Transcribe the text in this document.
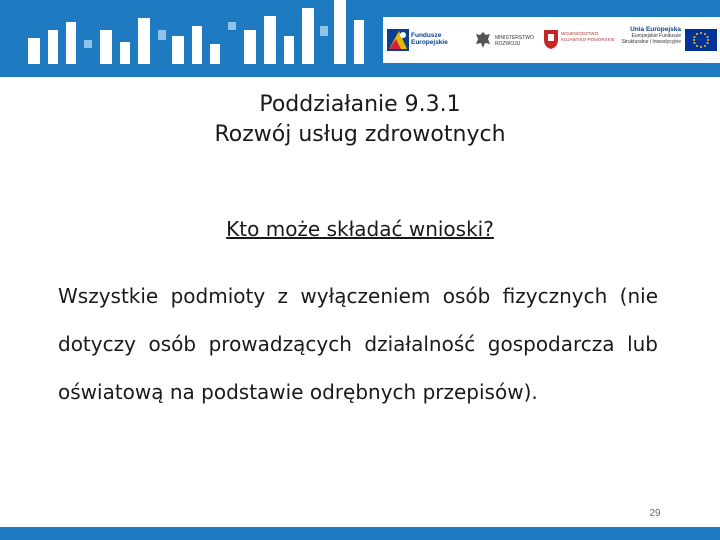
Fundusze Europejskie
MINISTERSTWO ROZWOJU
WOJEWÓDZTWO KUJAWSKO-POMORSKIE
Unia Europejska
Europejskie Fundusze Strukturalne i Inwestycyjne
Poddziałanie 9.3.1
Rozwój usług zdrowotnych
Kto może składać wnioski?
Wszystkie podmioty z wyłączeniem osób fizycznych (nie dotyczy osób prowadzących działalność gospodarcza lub oświatową na podstawie odrębnych przepisów).
29
